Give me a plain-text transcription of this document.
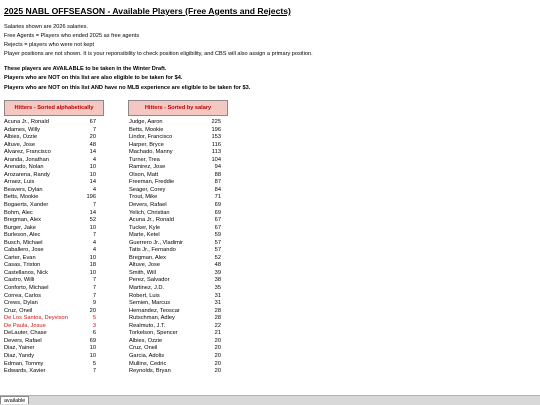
2025 NABL OFFSEASON - Available Players (Free Agents and Rejects)
Salaries shown are 2026 salaries.
Free Agents = Players who ended 2025 as free agents
Rejects = players who were not kept
Player positions are not shown. It is your reponsibility to check position eligibility, and CBS will also assign a primary position.
These players are AVAILABLE to be taken in the Winter Draft.
Players who are NOT on this list are also eligible to be taken for $4.
Players who are NOT on this list AND have no MLB experience are eligible to be taken for $3.
Hitters - Sorted alphabetically	Hitters - Sorted by salary
Acuna Jr., Ronald	67
Adames, Willy	7
Albies, Ozzie	20
Altuve, Jose	48
Alvarez, Francisco	14
Aranda, Jonathan	4
Arenado, Nolan	10
Arozarena, Randy	10
Arraez, Luis	14
Beavers, Dylan	4
Betts, Mookie	196
Bogaerts, Xander	7
Bohm, Alec	14
Bregman, Alex	52
Burger, Jake	10
Burleson, Alec	7
Busch, Michael	4
Caballero, Jose	4
Carter, Evan	10
Casas, Triston	18
Castellanos, Nick	10
Castro, Willi	7
Conforto, Michael	7
Correa, Carlos	7
Crews, Dylan	9
Cruz, Oneil	20
De Los Santos, Deyvison	5
De Paula, Josue	3
DeLauter, Chase	6
Devers, Rafael	69
Diaz, Yainer	10
Diaz, Yandy	10
Edman, Tommy	5
Edwards, Xavier	7
Judge, Aaron	225
Betts, Mookie	196
Lindor, Francisco	153
Harper, Bryce	116
Machado, Manny	113
Turner, Trea	104
Ramirez, Jose	94
Olson, Matt	88
Freeman, Freddie	87
Seager, Corey	84
Trout, Mike	71
Devers, Rafael	69
Yelich, Christian	69
Acuna Jr., Ronald	67
Tucker, Kyle	67
Marte, Ketel	59
Guerrero Jr., Vladimir	57
Tatis Jr., Fernando	57
Bregman, Alex	52
Altuve, Jose	48
Smith, Will	39
Perez, Salvador	38
Martinez, J.D.	35
Robert, Luis	31
Semien, Marcus	31
Hernandez, Teoscar	28
Rutschman, Adley	28
Realmuto, J.T.	22
Torkelson, Spencer	21
Albies, Ozzie	20
Cruz, Oneil	20
Garcia, Adolis	20
Mullins, Cedric	20
Reynolds, Bryan	20
available
